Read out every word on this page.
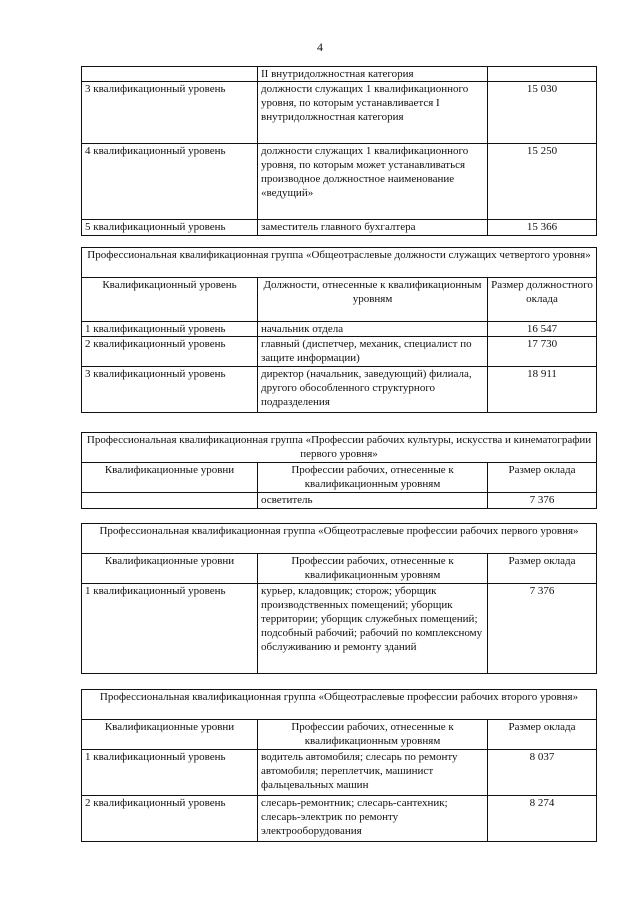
4
	II внутридолжностная категория	
3 квалификационный уровень	должности служащих 1 квалификационного уровня, по которым устанавливается I внутридолжностная категория	15 030
4 квалификационный уровень	должности служащих 1 квалификационного уровня, по которым может устанавливаться производное должностное наименование «ведущий»	15 250
5 квалификационный уровень	заместитель главного бухгалтера	15 366
Профессиональная квалификационная группа «Общеотраслевые должности служащих четвертого уровня»		
Квалификационный уровень	Должности, отнесенные к квалификационным уровням	Размер должностного оклада
1 квалификационный уровень	начальник отдела	16 547
2 квалификационный уровень	главный (диспетчер, механик, специалист по защите информации)	17 730
3 квалификационный уровень	директор (начальник, заведующий) филиала, другого обособленного структурного подразделения	18 911
Профессиональная квалификационная группа «Профессии рабочих культуры, искусства и кинематографии первого уровня»		
Квалификационные уровни	Профессии рабочих, отнесенные к квалификационным уровням	Размер оклада
	осветитель	7 376
Профессиональная квалификационная группа «Общеотраслевые профессии рабочих первого уровня»		
Квалификационные уровни	Профессии рабочих, отнесенные к квалификационным уровням	Размер оклада
1 квалификационный уровень	курьер, кладовщик; сторож; уборщик производственных помещений; уборщик территории; уборщик служебных помещений; подсобный рабочий; рабочий по комплексному обслуживанию и ремонту зданий	7 376
Профессиональная квалификационная группа «Общеотраслевые профессии рабочих второго уровня»		
Квалификационные уровни	Профессии рабочих, отнесенные к квалификационным уровням	Размер оклада
1 квалификационный уровень	водитель автомобиля; слесарь по ремонту автомобиля; переплетчик, машинист фальцевальных машин	8 037
2 квалификационный уровень	слесарь-ремонтник; слесарь-сантехник; слесарь-электрик по ремонту электрооборудования	8 274
